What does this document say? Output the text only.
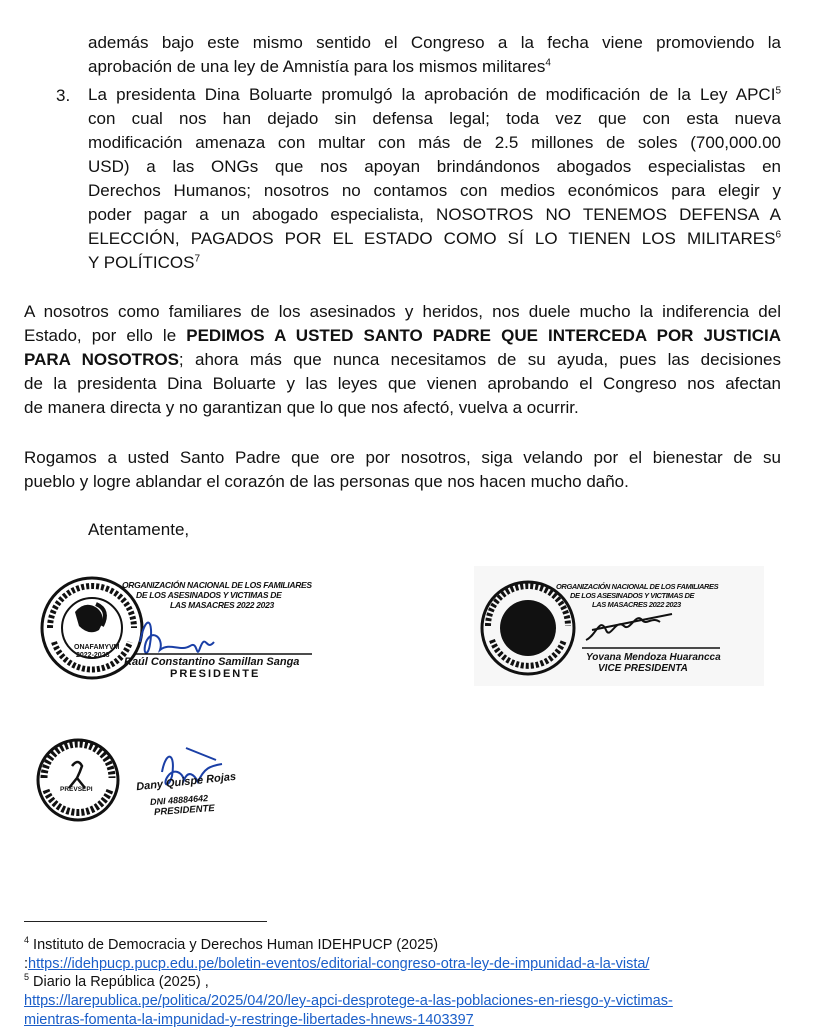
además bajo este mismo sentido el Congreso a la fecha viene promoviendo la
aprobación de una ley de Amnistía para los mismos militares$^4$
3. La presidenta Dina Boluarte promulgó la aprobación de modificación de la Ley APCI$^5$
con cual nos han dejado sin defensa legal; toda vez que con esta nueva
modificación amenaza con multar con más de 2.5 millones de soles (700,000.00
USD) a las ONGs que nos apoyan brindándonos abogados especialistas en
Derechos Humanos; nosotros no contamos con medios económicos para elegir y
poder pagar a un abogado especialista, NOSOTROS NO TENEMOS DEFENSA A
ELECCIÓN, PAGADOS POR EL ESTADO COMO SÍ LO TIENEN LOS MILITARES$^6$
Y POLÍTICOS$^7$
A nosotros como familiares de los asesinados y heridos, nos duele mucho la indiferencia del
Estado, por ello le PEDIMOS A USTED SANTO PADRE QUE INTERCEDA POR JUSTICIA
PARA NOSOTROS; ahora más que nunca necesitamos de su ayuda, pues las decisiones
de la presidenta Dina Boluarte y las leyes que vienen aprobando el Congreso nos afectan
de manera directa y no garantizan que lo que nos afectó, vuelva a ocurrir.
Rogamos a usted Santo Padre que ore por nosotros, siga velando por el bienestar de su
pueblo y logre ablandar el corazón de las personas que nos hacen mucho daño.
Atentamente,
ONAFAMYVM
2022-2023
ORGANIZACIÓN NACIONAL DE LOS FAMILIARES
DE LOS ASESINADOS Y VICTIMAS DE
LAS MASACRES 2022 2023
Raúl Constantino Samillan Sanga
PRESIDENTE
ORGANIZACIÓN NACIONAL DE LOS FAMILIARES
DE LOS ASESINADOS Y VICTIMAS DE
LAS MASACRES 2022 2023
Yovana Mendoza Huarancca
VICE PRESIDENTA
PREVSEPI	Dany Quispe Rojas
DNI 48884642
PRESIDENTE
$^4$ Instituto de Democracia y Derechos Human IDEHPUCP (2025)
:https://idehpucp.pucp.edu.pe/boletin-eventos/editorial-congreso-otra-ley-de-impunidad-a-la-vista/
$^5$ Diario la República (2025) ,
https://larepublica.pe/politica/2025/04/20/ley-apci-desprotege-a-las-poblaciones-en-riesgo-y-victimas-
mientras-fomenta-la-impunidad-y-restringe-libertades-hnews-1403397
